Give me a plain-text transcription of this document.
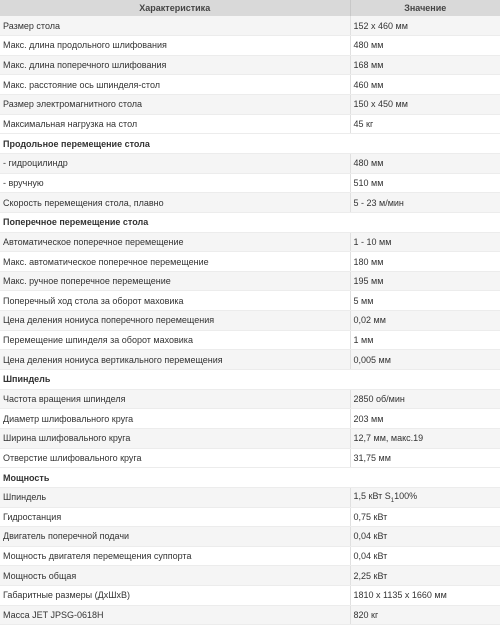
Характеристика	Значение
Размер стола	152 x 460 мм
Макс. длина продольного шлифования	480 мм
Макс. длина поперечного шлифования	168 мм
Макс. расстояние ось шпинделя-стол	460 мм
Размер электромагнитного стола	150 x 450 мм
Максимальная нагрузка на стол	45 кг
Продольное перемещение стола	
- гидроцилиндр	480 мм
- вручную	510 мм
Скорость перемещения стола, плавно	5 - 23 м/мин
Поперечное перемещение стола	
Автоматическое поперечное перемещение	1 - 10 мм
Макс. автоматическое поперечное перемещение	180 мм
Макс. ручное поперечное перемещение	195 мм
Поперечный ход стола за оборот маховика	5 мм
Цена деления нониуса поперечного перемещения	0,02 мм
Перемещение шпинделя за оборот маховика	1 мм
Цена деления нониуса вертикального перемещения	0,005 мм
Шпиндель	
Частота вращения шпинделя	2850 об/мин
Диаметр шлифовального круга	203 мм
Ширина шлифовального круга	12,7 мм, макс.19
Отверстие шлифовального круга	31,75 мм
Мощность	
Шпиндель	1,5 кВт $S_1100\%$
Гидростанция	0,75 кВт
Двигатель поперечной подачи	0,04 кВт
Мощность двигателя перемещения суппорта	0,04 кВт
Мощность общая	2,25 кВт
Габаритные размеры (ДxШxВ)	1810 x 1135 x 1660 мм
Масса JET JPSG-0618H	820 кг
